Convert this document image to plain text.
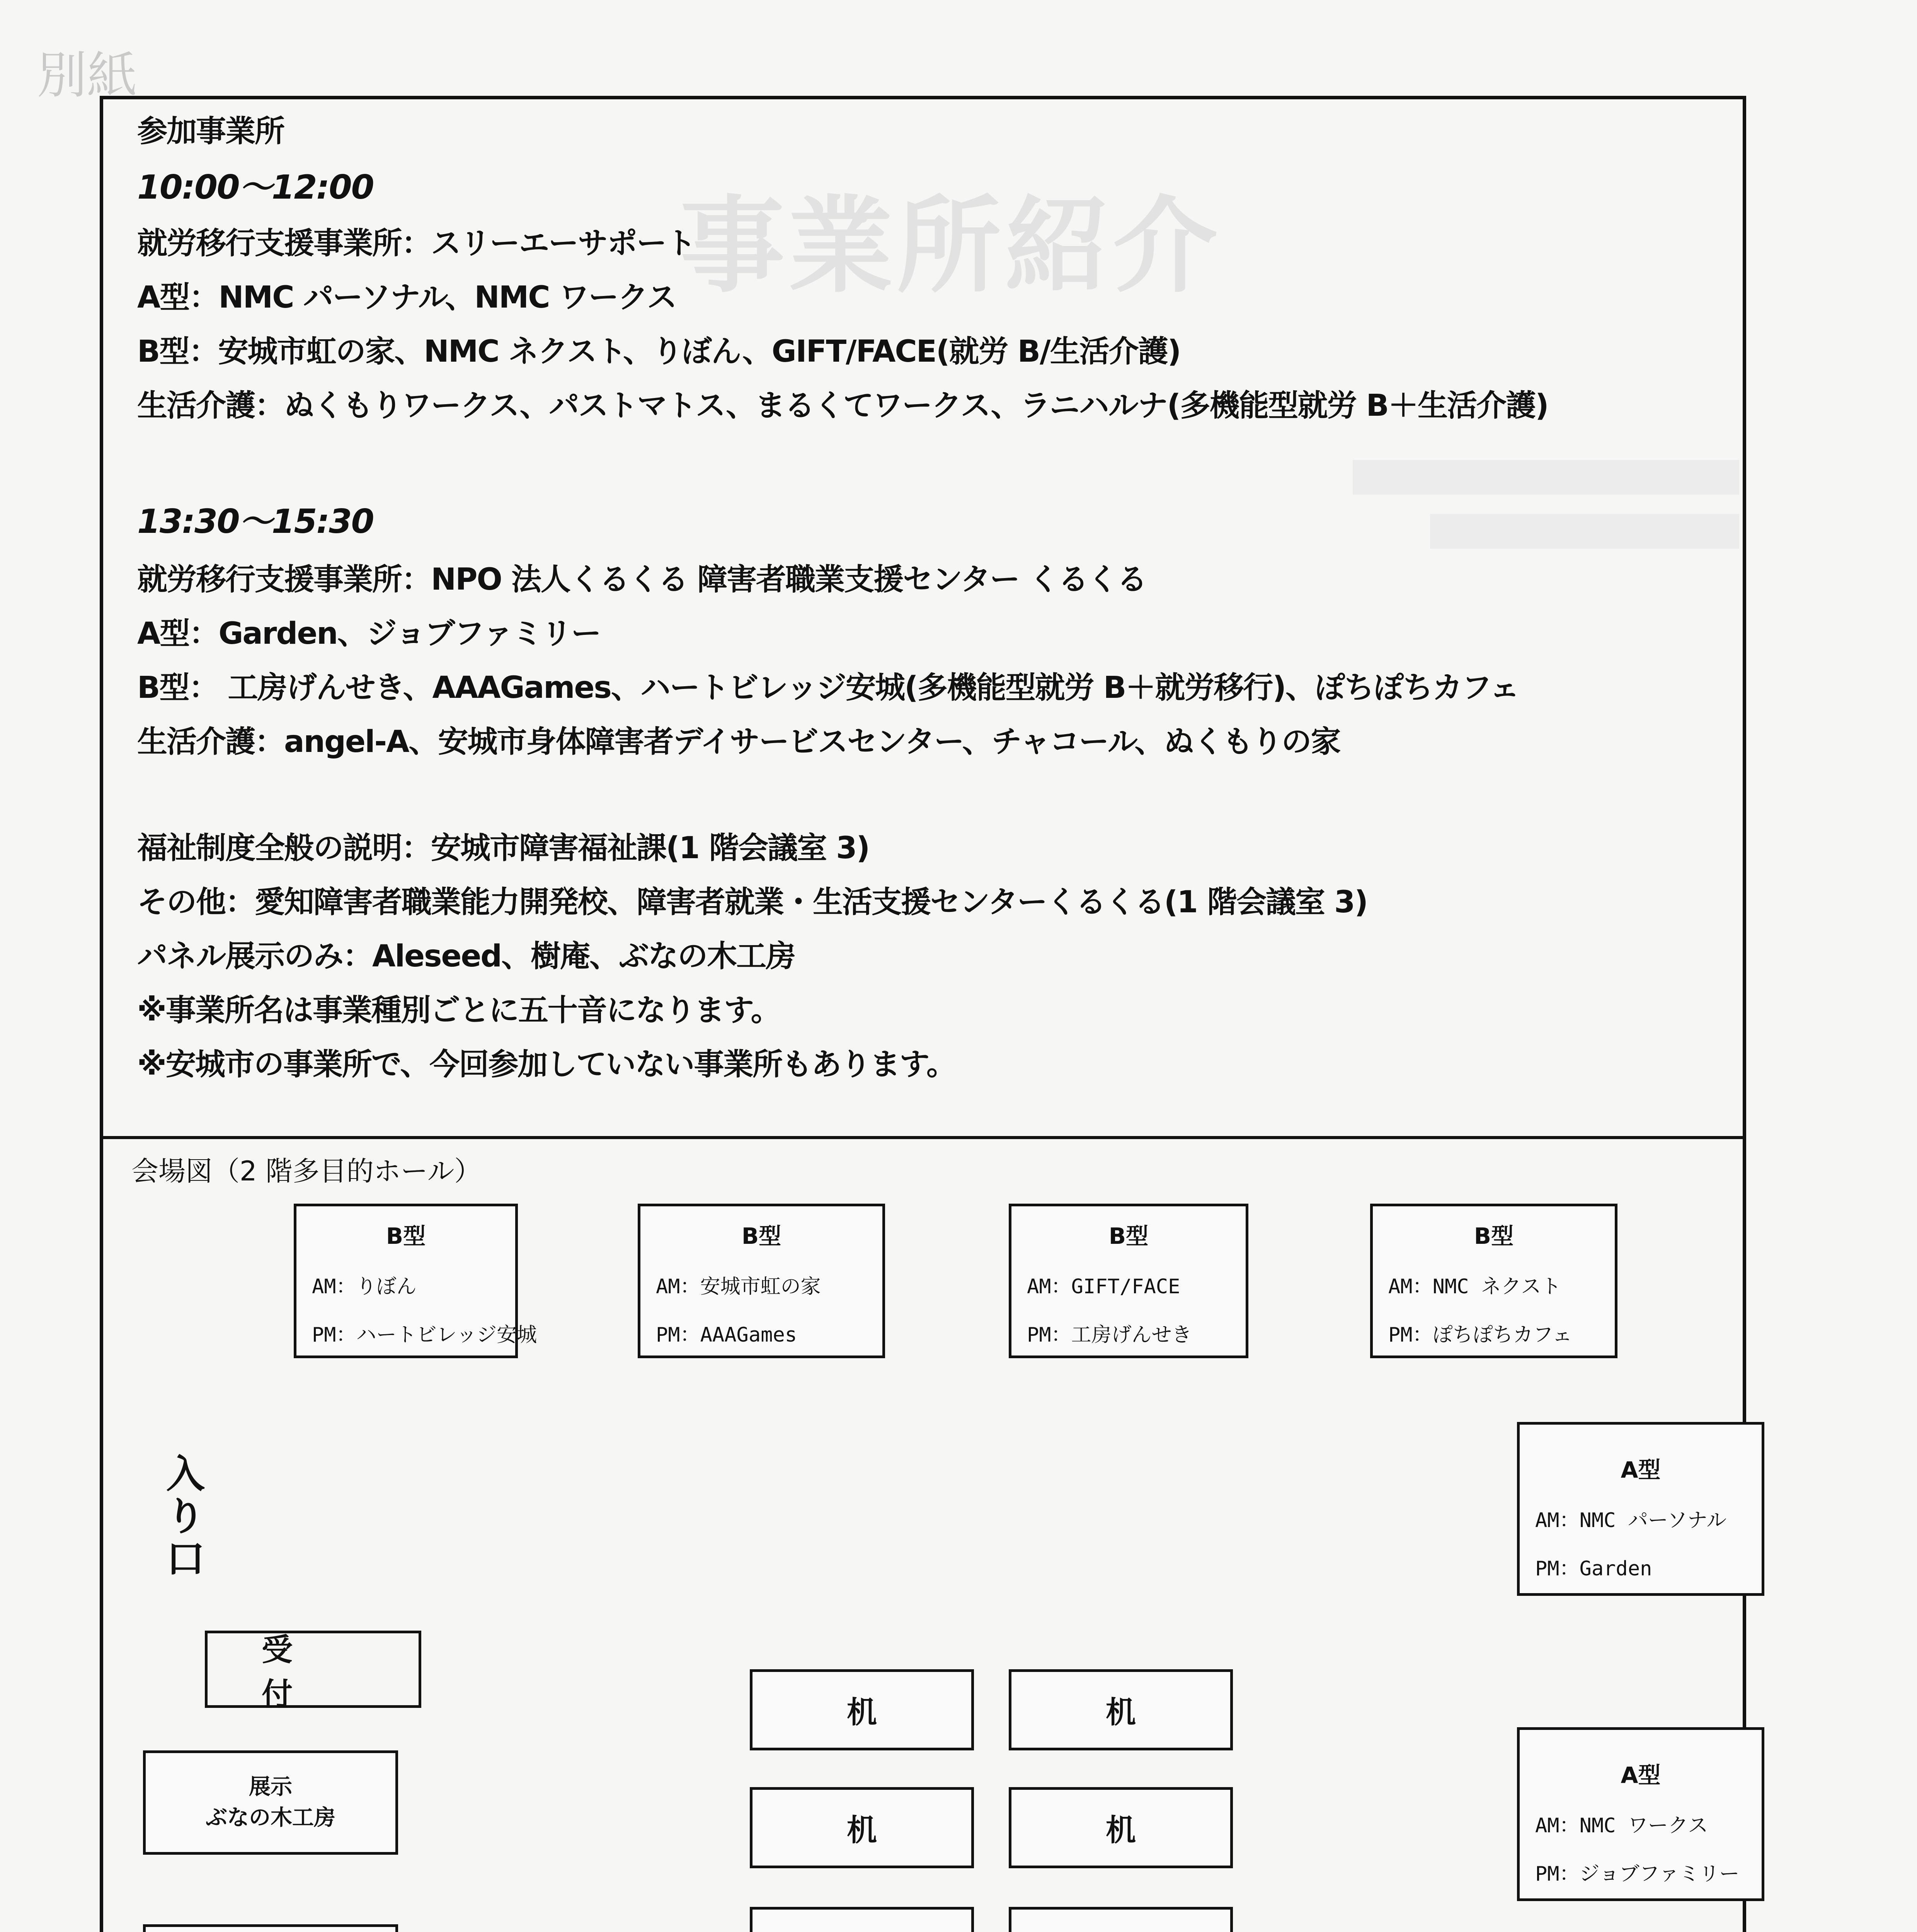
別紙
事業所紹介
参加事業所
10:00～12:00
就労移行支援事業所：スリーエーサポート
A型：NMC パーソナル、NMC ワークス
B型：安城市虹の家、NMC ネクスト、りぼん、GIFT/FACE(就労 B/生活介護)
生活介護：ぬくもりワークス、パストマトス、まるくてワークス、ラニハルナ(多機能型就労 B＋生活介護)
13:30～15:30
就労移行支援事業所：NPO 法人くるくる 障害者職業支援センター くるくる
A型：Garden、ジョブファミリー
B型： 工房げんせき、AAAGames、ハートビレッジ安城(多機能型就労 B＋就労移行)、ぽちぽちカフェ
生活介護：angel-A、安城市身体障害者デイサービスセンター、チャコール、ぬくもりの家
福祉制度全般の説明：安城市障害福祉課(1 階会議室 3)
その他：愛知障害者職業能力開発校、障害者就業・生活支援センターくるくる(1 階会議室 3)
パネル展示のみ：Aleseed、樹庵、ぶなの木工房
※事業所名は事業種別ごとに五十音になります。
※安城市の事業所で、今回参加していない事業所もあります。
会場図（2 階多目的ホール）
B型
AM：りぼん
PM：ハートビレッジ安城
B型
AM：安城市虹の家
PM：AAAGames
B型
AM：GIFT/FACE
PM：工房げんせき
B型
AM：NMC ネクスト
PM：ぽちぽちカフェ
入
り
口
受付
A型
AM：NMC パーソナル
PM：Garden
A型
AM：NMC ワークス
PM：ジョブファミリー
机	机
机	机
展示
ぶなの木工房
